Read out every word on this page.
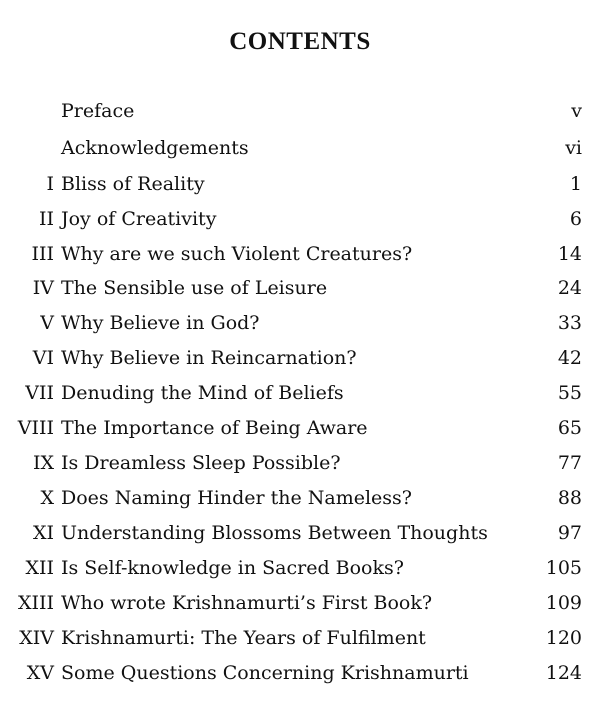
CONTENTS
Preface	v
Acknowledgements	vi
I Bliss of Reality	1
II Joy of Creativity	6
III Why are we such Violent Creatures?	14
IV The Sensible use of Leisure	24
V Why Believe in God?	33
VI Why Believe in Reincarnation?	42
VII Denuding the Mind of Beliefs	55
VIII The Importance of Being Aware	65
IX Is Dreamless Sleep Possible?	77
X Does Naming Hinder the Nameless?	88
XI Understanding Blossoms Between Thoughts	97
XII Is Self-knowledge in Sacred Books?	105
XIII Who wrote Krishnamurti’s First Book?	109
XIV Krishnamurti: The Years of Fulfilment	120
XV Some Questions Concerning Krishnamurti	124
